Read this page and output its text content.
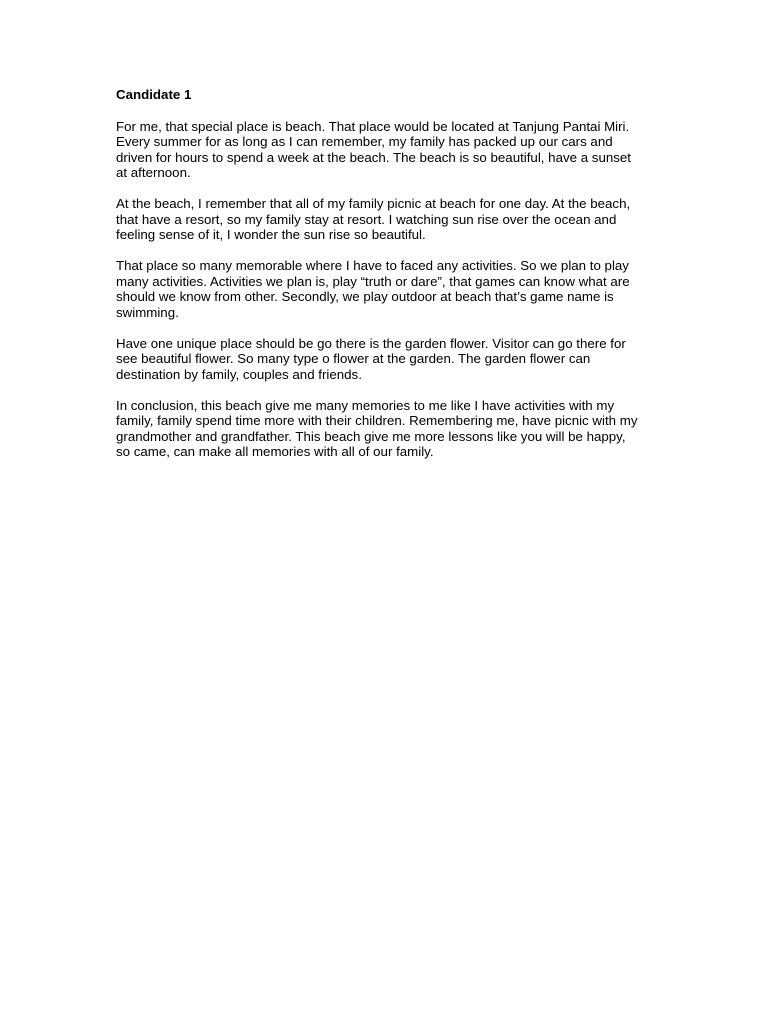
Candidate 1

For me, that special place is beach. That place would be located at Tanjung Pantai Miri. Every summer for as long as I can remember, my family has packed up our cars and driven for hours to spend a week at the beach. The beach is so beautiful, have a sunset at afternoon.

At the beach, I remember that all of my family picnic at beach for one day. At the beach, that have a resort, so my family stay at resort. I watching sun rise over the ocean and feeling sense of it, I wonder the sun rise so beautiful.

That place so many memorable where I have to faced any activities. So we plan to play many activities. Activities we plan is, play “truth or dare”, that games can know what are should we know from other. Secondly, we play outdoor at beach that’s game name is swimming.

Have one unique place should be go there is the garden flower. Visitor can go there for see beautiful flower. So many type o flower at the garden. The garden flower can destination by family, couples and friends.

In conclusion, this beach give me many memories to me like I have activities with my family, family spend time more with their children. Remembering me, have picnic with my grandmother and grandfather. This beach give me more lessons like you will be happy, so came, can make all memories with all of our family.
